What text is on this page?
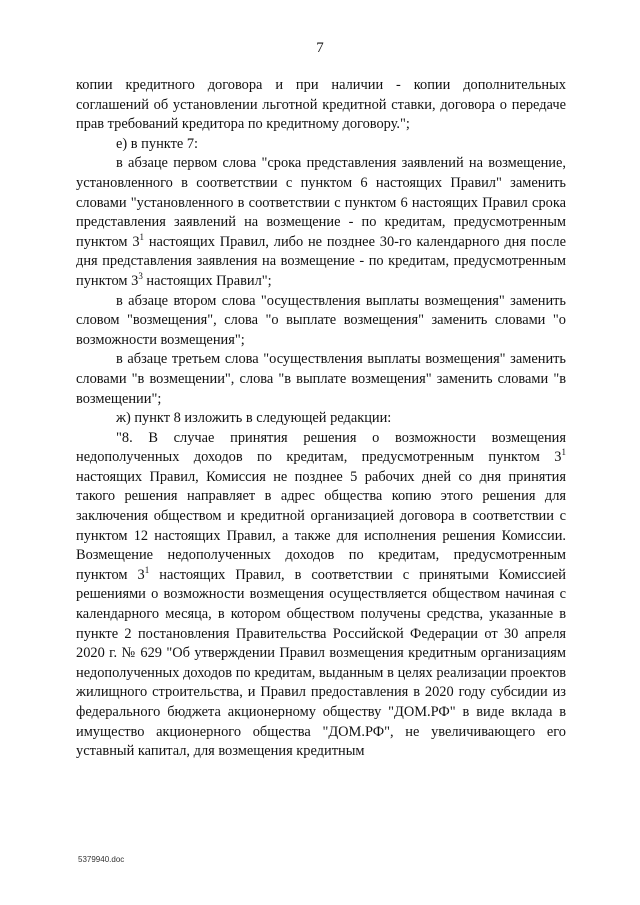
7

копии кредитного договора и при наличии - копии дополнительных соглашений об установлении льготной кредитной ставки, договора о передаче прав требований кредитора по кредитному договору.";

е) в пункте 7:

в абзаце первом слова "срока представления заявлений на возмещение, установленного в соответствии с пунктом 6 настоящих Правил" заменить словами "установленного в соответствии с пунктом 6 настоящих Правил срока представления заявлений на возмещение - по кредитам, предусмотренным пунктом $3^1$ настоящих Правил, либо не позднее 30-го календарного дня после дня представления заявления на возмещение - по кредитам, предусмотренным пунктом $3^3$ настоящих Правил";

в абзаце втором слова "осуществления выплаты возмещения" заменить словом "возмещения", слова "о выплате возмещения" заменить словами "о возможности возмещения";

в абзаце третьем слова "осуществления выплаты возмещения" заменить словами "в возмещении", слова "в выплате возмещения" заменить словами "в возмещении";

ж) пункт 8 изложить в следующей редакции:

"8. В случае принятия решения о возможности возмещения недополученных доходов по кредитам, предусмотренным пунктом $3^1$ настоящих Правил, Комиссия не позднее 5 рабочих дней со дня принятия такого решения направляет в адрес общества копию этого решения для заключения обществом и кредитной организацией договора в соответствии с пунктом 12 настоящих Правил, а также для исполнения решения Комиссии. Возмещение недополученных доходов по кредитам, предусмотренным пунктом $3^1$ настоящих Правил, в соответствии с принятыми Комиссией решениями о возможности возмещения осуществляется обществом начиная с календарного месяца, в котором обществом получены средства, указанные в пункте 2 постановления Правительства Российской Федерации от 30 апреля 2020 г. № 629 "Об утверждении Правил возмещения кредитным организациям недополученных доходов по кредитам, выданным в целях реализации проектов жилищного строительства, и Правил предоставления в 2020 году субсидии из федерального бюджета акционерному обществу "ДОМ.РФ" в виде вклада в имущество акционерного общества "ДОМ.РФ", не увеличивающего его уставный капитал, для возмещения кредитным

5379940.doc
